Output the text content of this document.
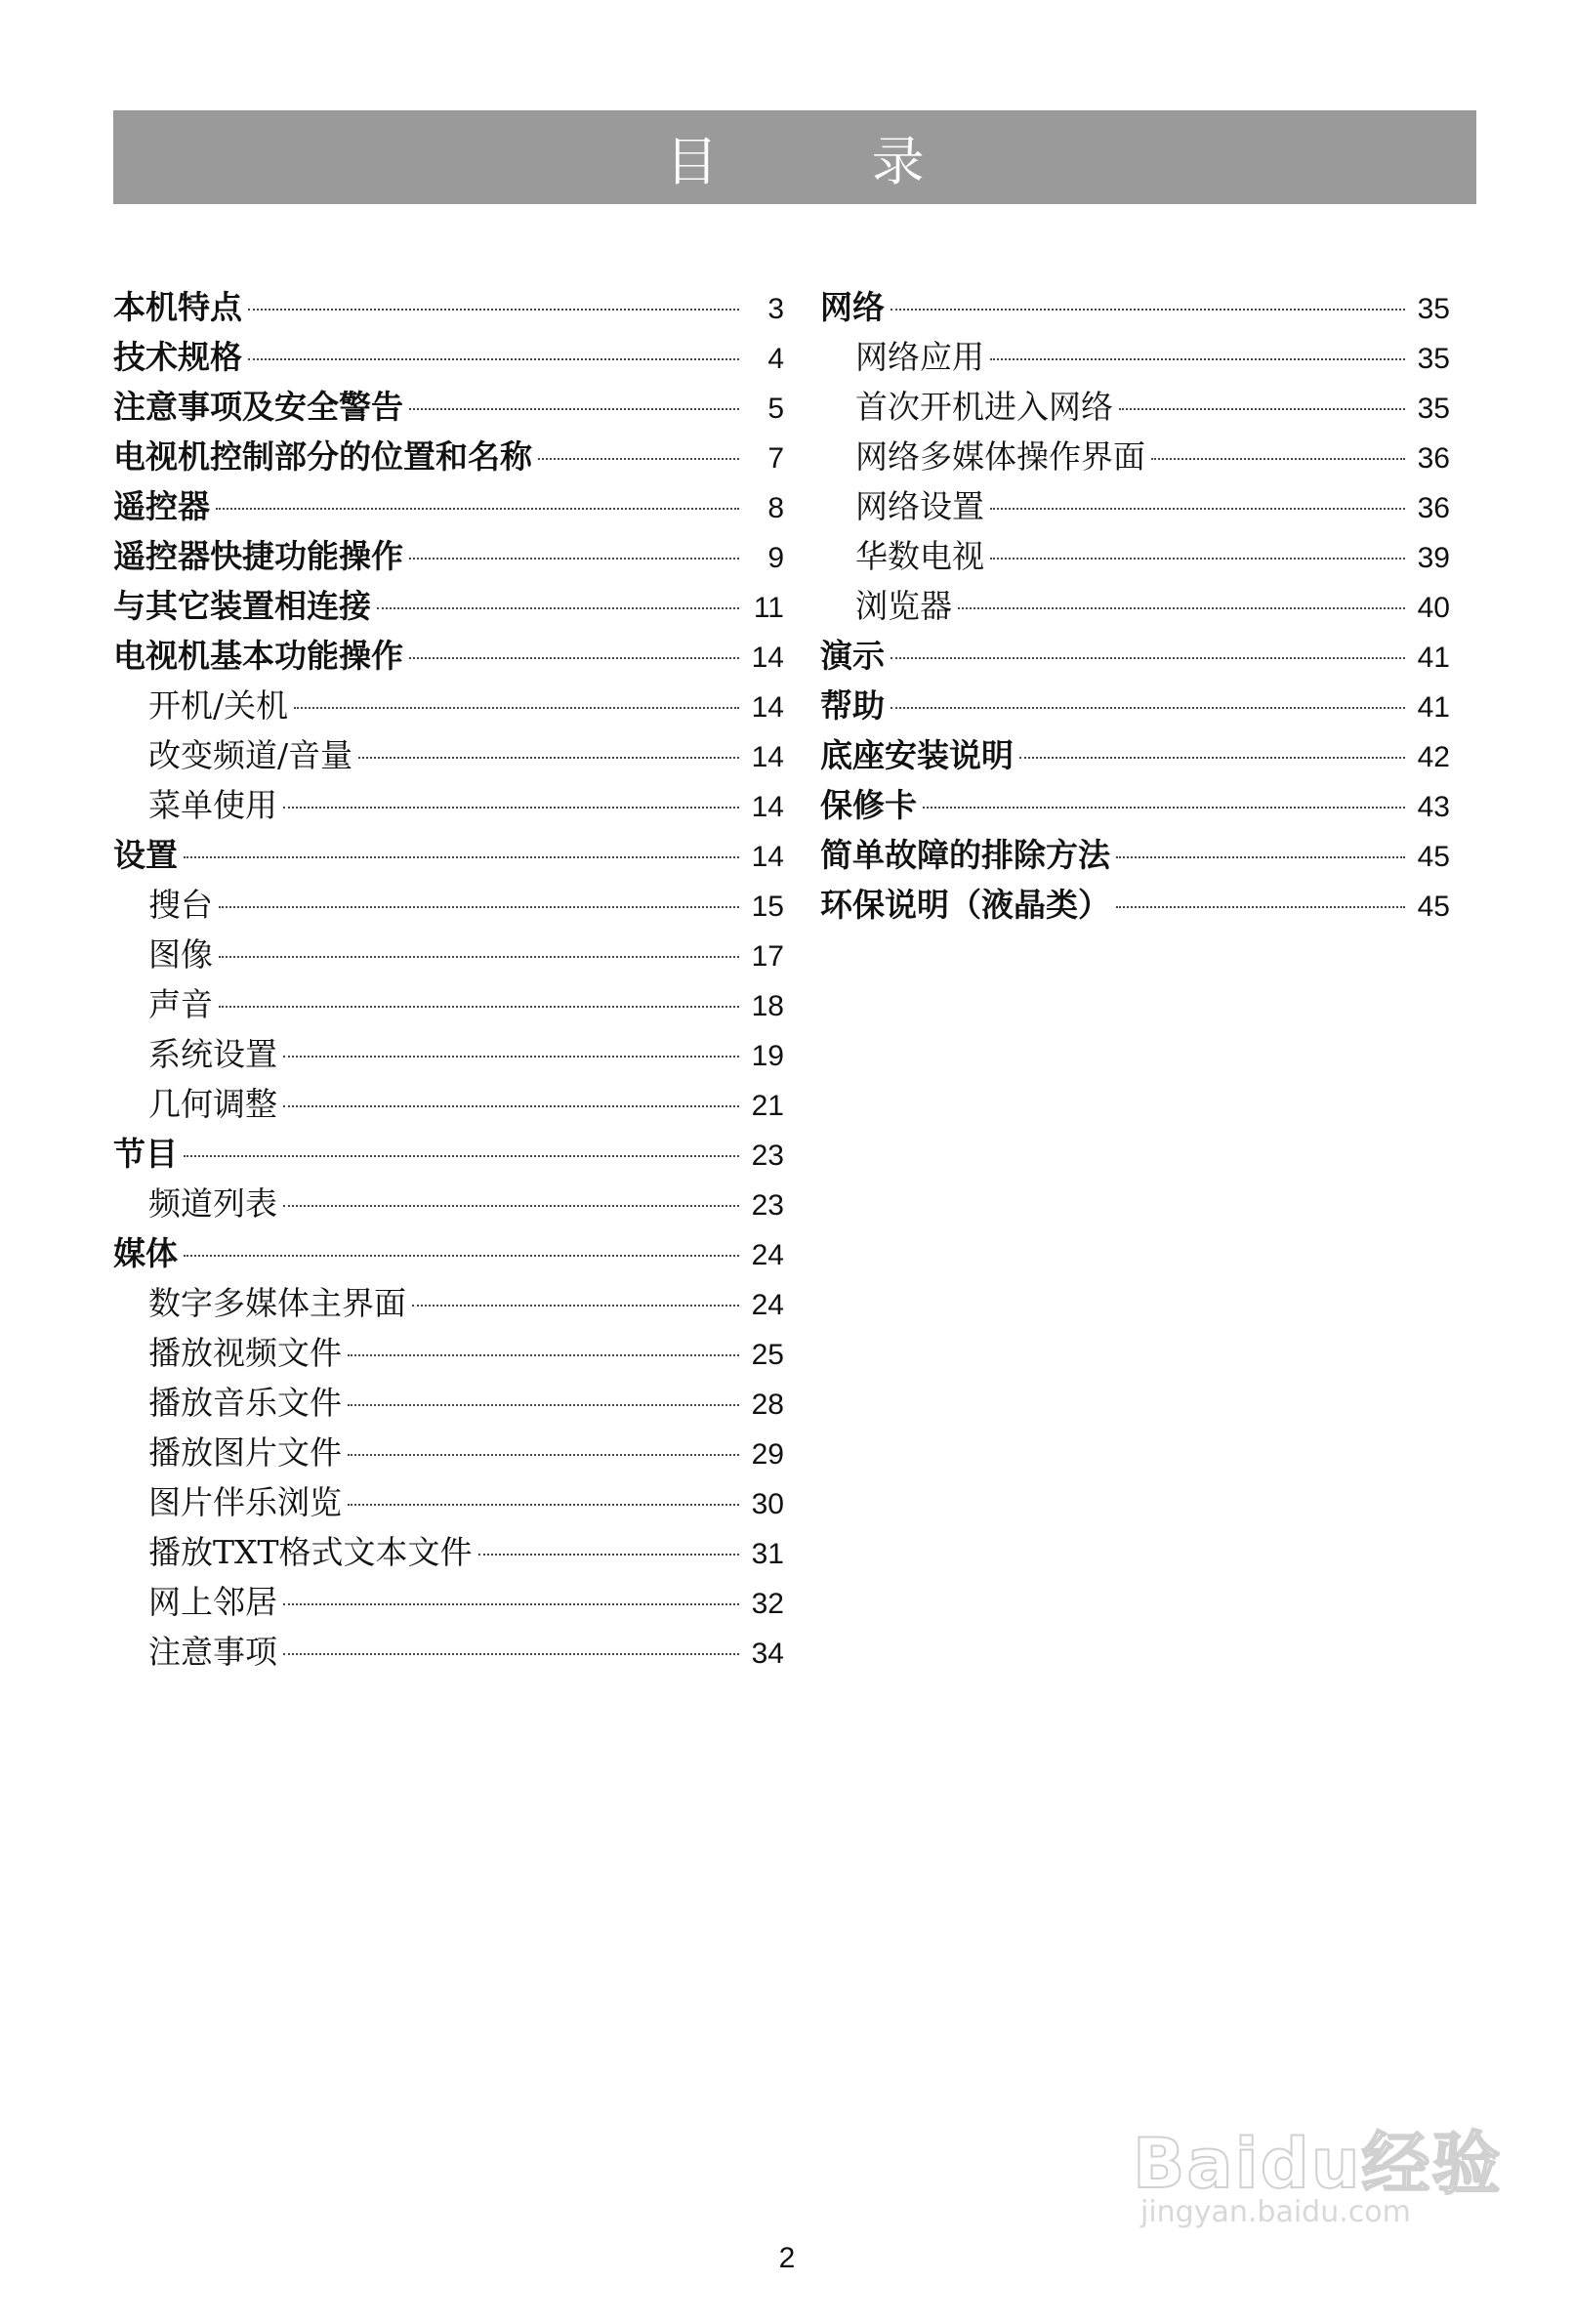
目 录
本机特点	3
技术规格	4
注意事项及安全警告	5
电视机控制部分的位置和名称	7
遥控器	8
遥控器快捷功能操作	9
与其它装置相连接	11
电视机基本功能操作	14
开机/关机	14
改变频道/音量	14
菜单使用	14
设置	14
搜台	15
图像	17
声音	18
系统设置	19
几何调整	21
节目	23
频道列表	23
媒体	24
数字多媒体主界面	24
播放视频文件	25
播放音乐文件	28
播放图片文件	29
图片伴乐浏览	30
播放TXT格式文本文件	31
网上邻居	32
注意事项	34
网络	35
网络应用	35
首次开机进入网络	35
网络多媒体操作界面	36
网络设置	36
华数电视	39
浏览器	40
演示	41
帮助	41
底座安装说明	42
保修卡	43
简单故障的排除方法	45
环保说明（液晶类）	45
2
Baidu经验
jingyan.baidu.com
